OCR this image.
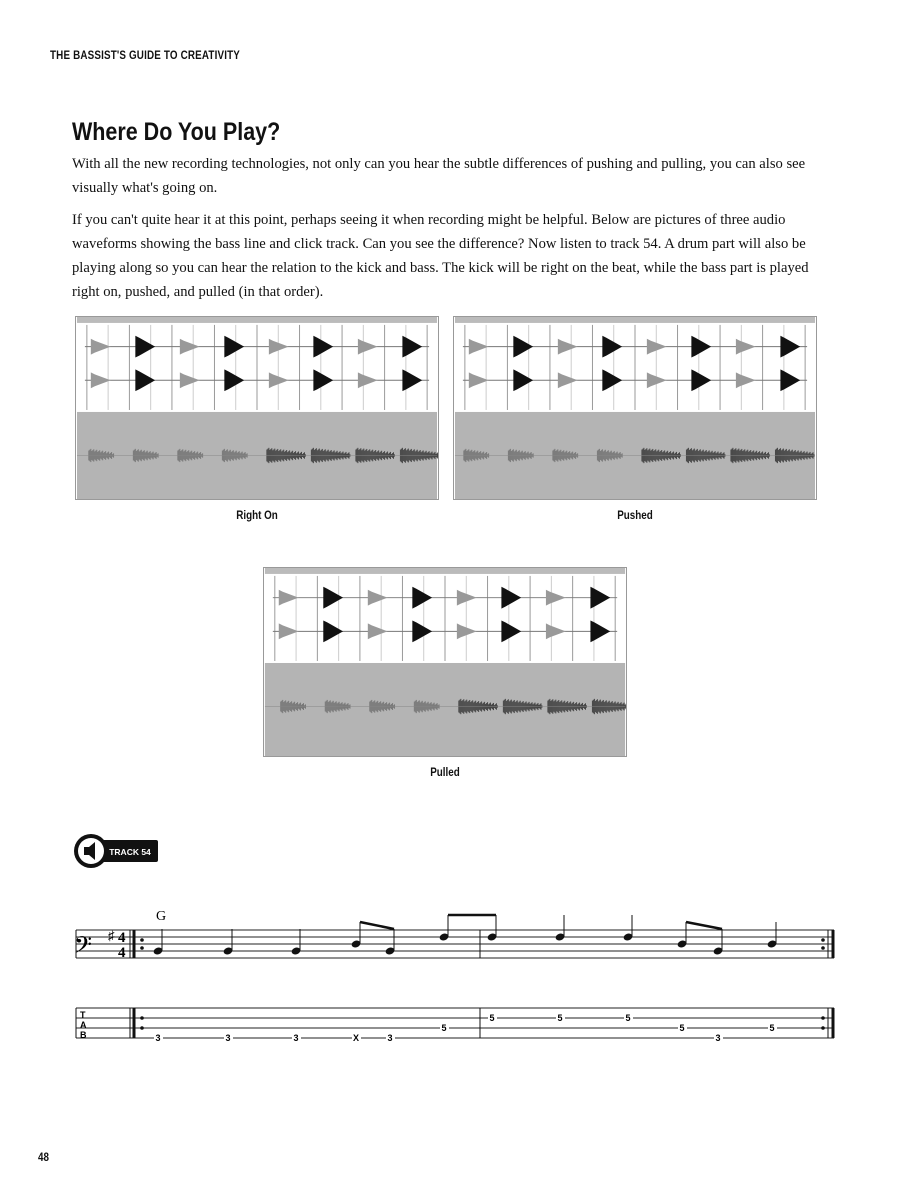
THE BASSIST'S GUIDE TO CREATIVITY
Where Do You Play?

With all the new recording technologies, not only can you hear the subtle differences of pushing and pulling, you can also see visually what's going on.

If you can't quite hear it at this point, perhaps seeing it when recording might be helpful. Below are pictures of three audio waveforms showing the bass line and click track. Can you see the difference? Now listen to track 54. A drum part will also be playing along so you can hear the relation to the kick and bass. The kick will be right on the beat, while the bass part is played right on, pushed, and pulled (in that order).

Right On	Pushed
Pulled
TRACK 54
G
𝄢 ♯ 4
4
T
A
B	3	3	3	X	3
5
5	5	5
5
3
5
48
